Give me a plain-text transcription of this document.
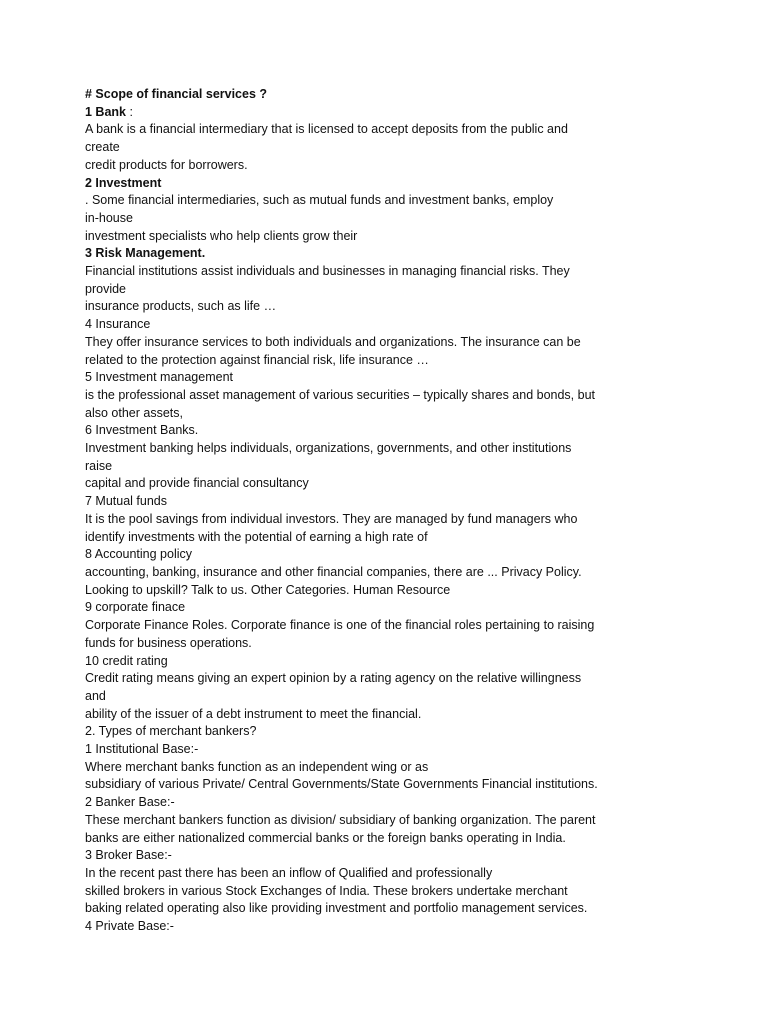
# Scope of financial services ?
1 Bank :
A bank is a financial intermediary that is licensed to accept deposits from the public and
create
credit products for borrowers.
2 Investment
. Some financial intermediaries, such as mutual funds and investment banks, employ
in-house
investment specialists who help clients grow their
3 Risk Management.
Financial institutions assist individuals and businesses in managing financial risks. They
provide
insurance products, such as life …
4 Insurance
They offer insurance services to both individuals and organizations. The insurance can be
related to the protection against financial risk, life insurance …
5 Investment management
is the professional asset management of various securities – typically shares and bonds, but
also other assets,
6 Investment Banks.
Investment banking helps individuals, organizations, governments, and other institutions
raise
capital and provide financial consultancy
7 Mutual funds
It is the pool savings from individual investors. They are managed by fund managers who
identify investments with the potential of earning a high rate of
8 Accounting policy
accounting, banking, insurance and other financial companies, there are ... Privacy Policy.
Looking to upskill? Talk to us. Other Categories. Human Resource
9 corporate finace
Corporate Finance Roles. Corporate finance is one of the financial roles pertaining to raising
funds for business operations.
10 credit rating
Credit rating means giving an expert opinion by a rating agency on the relative willingness
and
ability of the issuer of a debt instrument to meet the financial.
2. Types of merchant bankers?
1 Institutional Base:-
Where merchant banks function as an independent wing or as
subsidiary of various Private/ Central Governments/State Governments Financial institutions.
2 Banker Base:-
These merchant bankers function as division/ subsidiary of banking organization. The parent
banks are either nationalized commercial banks or the foreign banks operating in India.
3 Broker Base:-
In the recent past there has been an inflow of Qualified and professionally
skilled brokers in various Stock Exchanges of India. These brokers undertake merchant
baking related operating also like providing investment and portfolio management services.
4 Private Base:-
